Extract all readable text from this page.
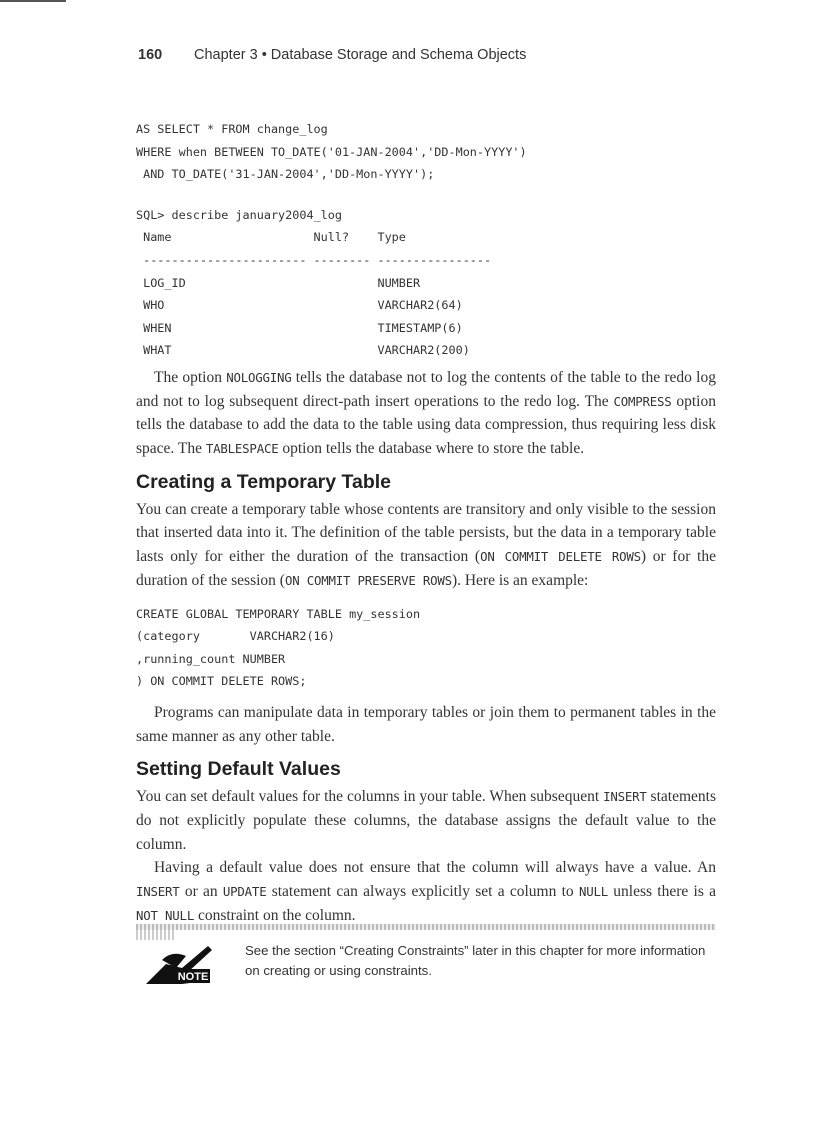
160 Chapter 3 • Database Storage and Schema Objects
AS SELECT * FROM change_log
WHERE when BETWEEN TO_DATE('01-JAN-2004','DD-Mon-YYYY')
AND TO_DATE('31-JAN-2004','DD-Mon-YYYY');
SQL> describe january2004_log
Name                    Null?    Type
----------------------- -------- ----------------
LOG_ID                           NUMBER
WHO                              VARCHAR2(64)
WHEN                             TIMESTAMP(6)
WHAT                             VARCHAR2(200)

The option NOLOGGING tells the database not to log the contents of the table to the redo log and not to log subsequent direct-path insert operations to the redo log. The COMPRESS option tells the database to add the data to the table using data compression, thus requiring less disk space. The TABLESPACE option tells the database where to store the table.

Creating a Temporary Table

You can create a temporary table whose contents are transitory and only visible to the session that inserted data into it. The definition of the table persists, but the data in a temporary table lasts only for either the duration of the transaction (ON COMMIT DELETE ROWS) or for the duration of the session (ON COMMIT PRESERVE ROWS). Here is an example:

CREATE GLOBAL TEMPORARY TABLE my_session
(category       VARCHAR2(16)
,running_count NUMBER
) ON COMMIT DELETE ROWS;

Programs can manipulate data in temporary tables or join them to permanent tables in the same manner as any other table.

Setting Default Values

You can set default values for the columns in your table. When subsequent INSERT statements do not explicitly populate these columns, the database assigns the default value to the column.

Having a default value does not ensure that the column will always have a value. An INSERT or an UPDATE statement can always explicitly set a column to NULL unless there is a NOT NULL constraint on the column.

NOTE
See the section “Creating Constraints” later in this chapter for more information on creating or using constraints.
